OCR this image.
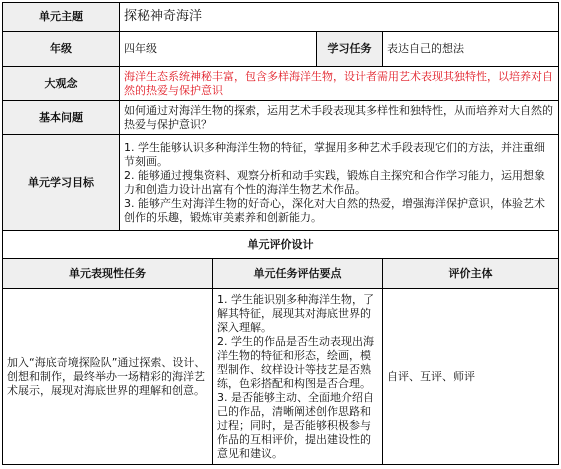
单元主题	探秘神奇海洋			
年级	四年级		学习任务	表达自己的想法
大观念	海洋生态系统神秘丰富，包含多样海洋生物，设计者需用艺术表现其独特性，以培养对自然的热爱与保护意识			
基本问题	如何通过对海洋生物的探索，运用艺术手段表现其多样性和独特性，从而培养对大自然的热爱与保护意识？			
单元学习目标	1. 学生能够认识多种海洋生物的特征，掌握用多种艺术手段表现它们的方法，并注重细节刻画。
2. 能够通过搜集资料、观察分析和动手实践，锻炼自主探究和合作学习能力，运用想象力和创造力设计出富有个性的海洋生物艺术作品。
3. 能够产生对海洋生物的好奇心，深化对大自然的热爱，增强海洋保护意识，体验艺术创作的乐趣，锻炼审美素养和创新能力。			

单元评价设计				
单元表现性任务		单元任务评估要点		评价主体
加入“海底奇境探险队”通过探索、设计、创想和制作，最终举办一场精彩的海洋艺术展示，展现对海底世界的理解和创意。		1. 学生能识别多种海洋生物，了解其特征，展现其对海底世界的深入理解。
2. 学生的作品是否生动表现出海洋生物的特征和形态，绘画，模型制作、纹样设计等技艺是否熟练，色彩搭配和构图是否合理。
3. 是否能够主动、全面地介绍自己的作品，清晰阐述创作思路和过程；同时，是否能够积极参与作品的互相评价，提出建设性的意见和建议。		自评、互评、师评
